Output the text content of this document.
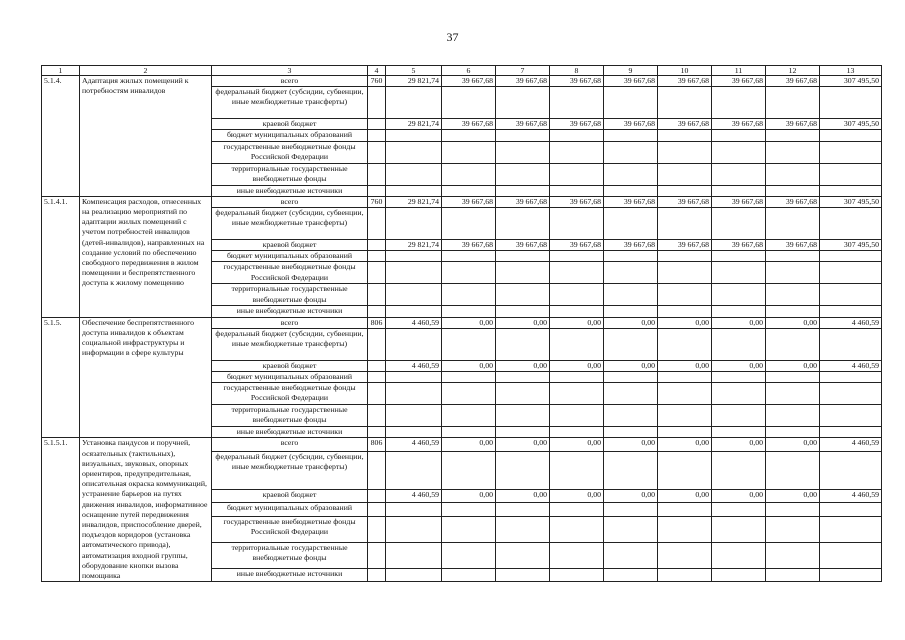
37
1	2	3	4	5	6	7	8	9	10	11	12	13
5.1.4.	Адаптация жилых помещений к потребностям инвалидов	всего	760	29 821,74	39 667,68	39 667,68	39 667,68	39 667,68	39 667,68	39 667,68	39 667,68	307 495,50
		федеральный бюджет (субсидии, субвенции, иные межбюджетные трансферты)										
		краевой бюджет		29 821,74	39 667,68	39 667,68	39 667,68	39 667,68	39 667,68	39 667,68	39 667,68	307 495,50
		бюджет муниципальных образований										
		государственные внебюджетные фонды Российской Федерации										
		территориальные государственные внебюджетные фонды										
		иные внебюджетные источники										
5.1.4.1.	Компенсация расходов, отнесенных на реализацию мероприятий по адаптации жилых помещений с учетом потребностей инвалидов (детей-инвалидов), направленных на создание условий по обеспечению свободного передвижения в жилом помещении и беспрепятственного доступа к жилому помещению	всего	760	29 821,74	39 667,68	39 667,68	39 667,68	39 667,68	39 667,68	39 667,68	39 667,68	307 495,50
		федеральный бюджет (субсидии, субвенции, иные межбюджетные трансферты)										
		краевой бюджет		29 821,74	39 667,68	39 667,68	39 667,68	39 667,68	39 667,68	39 667,68	39 667,68	307 495,50
		бюджет муниципальных образований										
		государственные внебюджетные фонды Российской Федерации										
		территориальные государственные внебюджетные фонды										
		иные внебюджетные источники										
5.1.5.	Обеспечение беспрепятственного доступа инвалидов к объектам социальной инфраструктуры и информации в сфере культуры	всего	806	4 460,59	0,00	0,00	0,00	0,00	0,00	0,00	0,00	4 460,59
		федеральный бюджет (субсидии, субвенции, иные межбюджетные трансферты)										
		краевой бюджет		4 460,59	0,00	0,00	0,00	0,00	0,00	0,00	0,00	4 460,59
		бюджет муниципальных образований										
		государственные внебюджетные фонды Российской Федерации										
		территориальные государственные внебюджетные фонды										
		иные внебюджетные источники										
5.1.5.1.	Установка пандусов и поручней, осязательных (тактильных), визуальных, звуковых, опорных ориентиров, предупредительная, описательная окраска коммуникаций, устранение барьеров на путях движения инвалидов, информативное оснащение путей передвижения инвалидов, приспособление дверей, подъездов коридоров (установка автоматического привода), автоматизация входной группы, оборудование кнопки вызова помощника	всего	806	4 460,59	0,00	0,00	0,00	0,00	0,00	0,00	0,00	4 460,59
		федеральный бюджет (субсидии, субвенции, иные межбюджетные трансферты)										
		краевой бюджет		4 460,59	0,00	0,00	0,00	0,00	0,00	0,00	0,00	4 460,59
		бюджет муниципальных образований										
		государственные внебюджетные фонды Российской Федерации										
		территориальные государственные внебюджетные фонды										
		иные внебюджетные источники										
